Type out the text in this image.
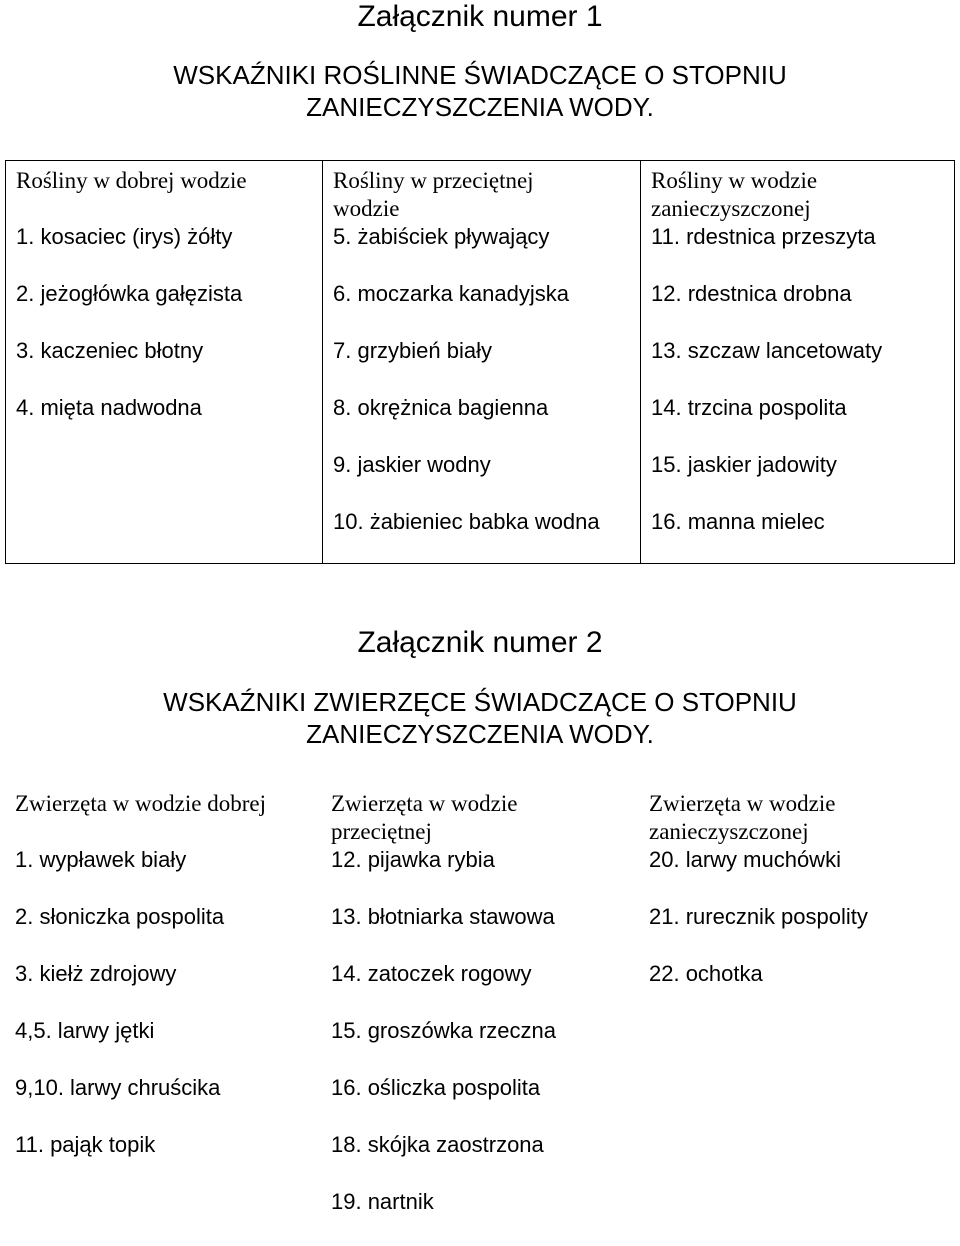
Załącznik numer 1
WSKAŹNIKI ROŚLINNE ŚWIADCZĄCE O STOPNIU
ZANIECZYSZCZENIA WODY.
Rośliny w dobrej wodzie
1. kosaciec (irys) żółty
2. jeżogłówka gałęzista
3. kaczeniec błotny
4. mięta nadwodna
Rośliny w przeciętnej wodzie
5. żabiściek pływający
6. moczarka kanadyjska
7. grzybień biały
8. okrężnica bagienna
9. jaskier wodny
10. żabieniec babka wodna
Rośliny w wodzie zanieczyszczonej
11. rdestnica przeszyta
12. rdestnica drobna
13. szczaw lancetowaty
14. trzcina pospolita
15. jaskier jadowity
16. manna mielec
Załącznik numer 2
WSKAŹNIKI ZWIERZĘCE ŚWIADCZĄCE O STOPNIU
ZANIECZYSZCZENIA WODY.
Zwierzęta w wodzie dobrej
1. wypławek biały
2. słoniczka pospolita
3. kiełż zdrojowy
4,5. larwy jętki
9,10. larwy chruścika
11. pająk topik
Zwierzęta w wodzie przeciętnej
12. pijawka rybia
13. błotniarka stawowa
14. zatoczek rogowy
15. groszówka rzeczna
16. ośliczka pospolita
18. skójka zaostrzona
19. nartnik
Zwierzęta w wodzie zanieczyszczonej
20. larwy muchówki
21. rurecznik pospolity
22. ochotka
